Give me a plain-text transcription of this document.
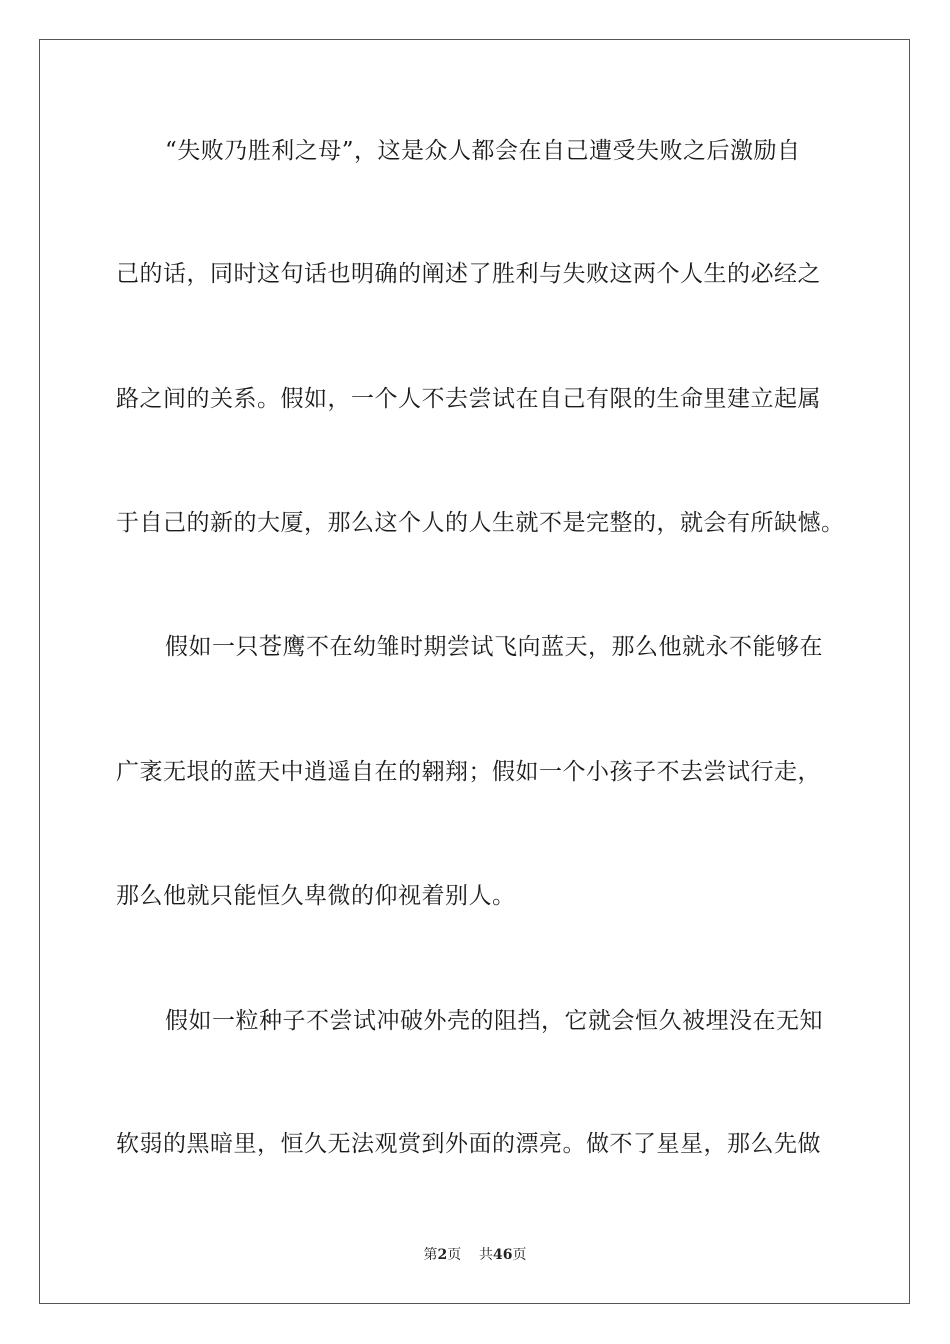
“失败乃胜利之母”，这是众人都会在自己遭受失败之后激励自
己的话，同时这句话也明确的阐述了胜利与失败这两个人生的必经之
路之间的关系。假如，一个人不去尝试在自己有限的生命里建立起属
于自己的新的大厦，那么这个人的人生就不是完整的，就会有所缺憾。
假如一只苍鹰不在幼雏时期尝试飞向蓝天，那么他就永不能够在
广袤无垠的蓝天中逍遥自在的翱翔；假如一个小孩子不去尝试行走，
那么他就只能恒久卑微的仰视着别人。
假如一粒种子不尝试冲破外壳的阻挡，它就会恒久被埋没在无知
软弱的黑暗里，恒久无法观赏到外面的漂亮。做不了星星，那么先做
第2页 共46页
